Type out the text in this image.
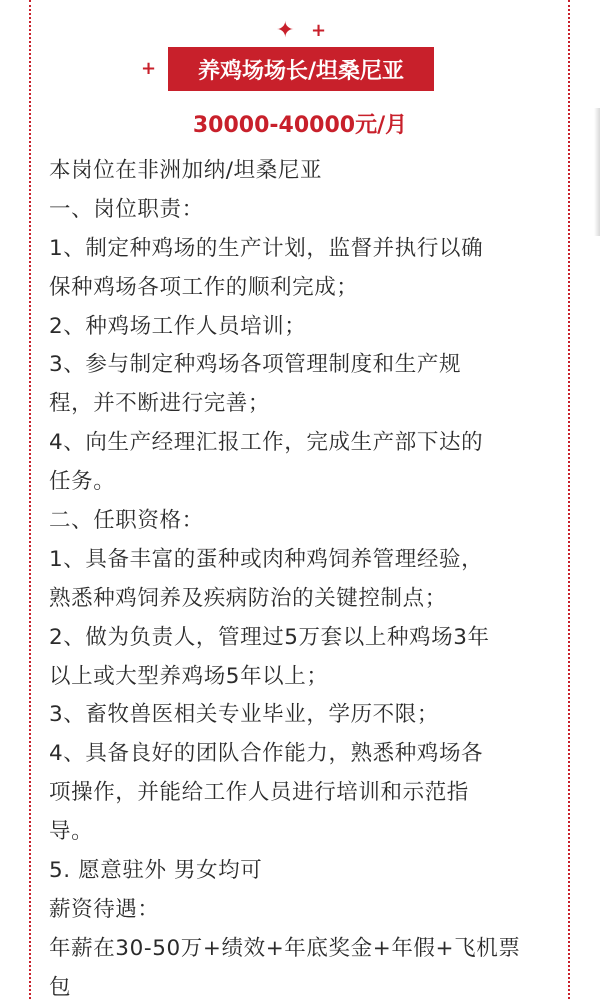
✦ +
+ 养鸡场场长/坦桑尼亚
30000-40000元/月
本岗位在非洲加纳/坦桑尼亚
一、岗位职责：
1、制定种鸡场的生产计划，监督并执行以确
保种鸡场各项工作的顺利完成；
2、种鸡场工作人员培训；
3、参与制定种鸡场各项管理制度和生产规
程，并不断进行完善；
4、向生产经理汇报工作，完成生产部下达的
任务。
二、任职资格：
1、具备丰富的蛋种或肉种鸡饲养管理经验，
熟悉种鸡饲养及疾病防治的关键控制点；
2、做为负责人，管理过5万套以上种鸡场3年
以上或大型养鸡场5年以上；
3、畜牧兽医相关专业毕业，学历不限；
4、具备良好的团队合作能力，熟悉种鸡场各
项操作，并能给工作人员进行培训和示范指
导。
5. 愿意驻外 男女均可
薪资待遇：
年薪在30-50万+绩效+年底奖金+年假+飞机票
包
